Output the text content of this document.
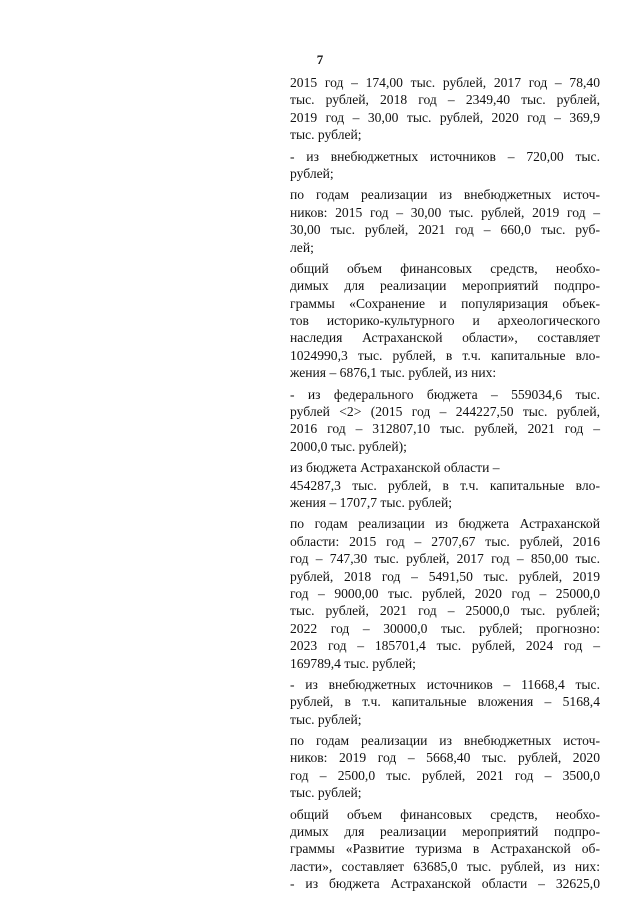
7
2015 год – 174,00 тыс. рублей, 2017 год – 78,40
тыс. рублей, 2018 год – 2349,40 тыс. рублей,
2019 год – 30,00 тыс. рублей, 2020 год – 369,9
тыс. рублей;
- из внебюджетных источников – 720,00 тыс.
рублей;
по годам реализации из внебюджетных источ-
ников: 2015 год – 30,00 тыс. рублей, 2019 год –
30,00 тыс. рублей, 2021 год – 660,0 тыс. руб-
лей;
общий объем финансовых средств, необхо-
димых для реализации мероприятий подпро-
граммы «Сохранение и популяризация объек-
тов историко-культурного и археологического
наследия Астраханской области», составляет
1024990,3 тыс. рублей, в т.ч. капитальные вло-
жения – 6876,1 тыс. рублей, из них:
- из федерального бюджета – 559034,6 тыс.
рублей <2> (2015 год – 244227,50 тыс. рублей,
2016 год – 312807,10 тыс. рублей, 2021 год –
2000,0 тыс. рублей);
из бюджета Астраханской области –
454287,3 тыс. рублей, в т.ч. капитальные вло-
жения – 1707,7 тыс. рублей;
по годам реализации из бюджета Астраханской
области: 2015 год – 2707,67 тыс. рублей, 2016
год – 747,30 тыс. рублей, 2017 год – 850,00 тыс.
рублей, 2018 год – 5491,50 тыс. рублей, 2019
год – 9000,00 тыс. рублей, 2020 год – 25000,0
тыс. рублей, 2021 год – 25000,0 тыс. рублей;
2022 год – 30000,0 тыс. рублей; прогнозно:
2023 год – 185701,4 тыс. рублей, 2024 год –
169789,4 тыс. рублей;
- из внебюджетных источников – 11668,4 тыс.
рублей, в т.ч. капитальные вложения – 5168,4
тыс. рублей;
по годам реализации из внебюджетных источ-
ников: 2019 год – 5668,40 тыс. рублей, 2020
год – 2500,0 тыс. рублей, 2021 год – 3500,0
тыс. рублей;
общий объем финансовых средств, необхо-
димых для реализации мероприятий подпро-
граммы «Развитие туризма в Астраханской об-
ласти», составляет 63685,0 тыс. рублей, из них:
- из бюджета Астраханской области – 32625,0
